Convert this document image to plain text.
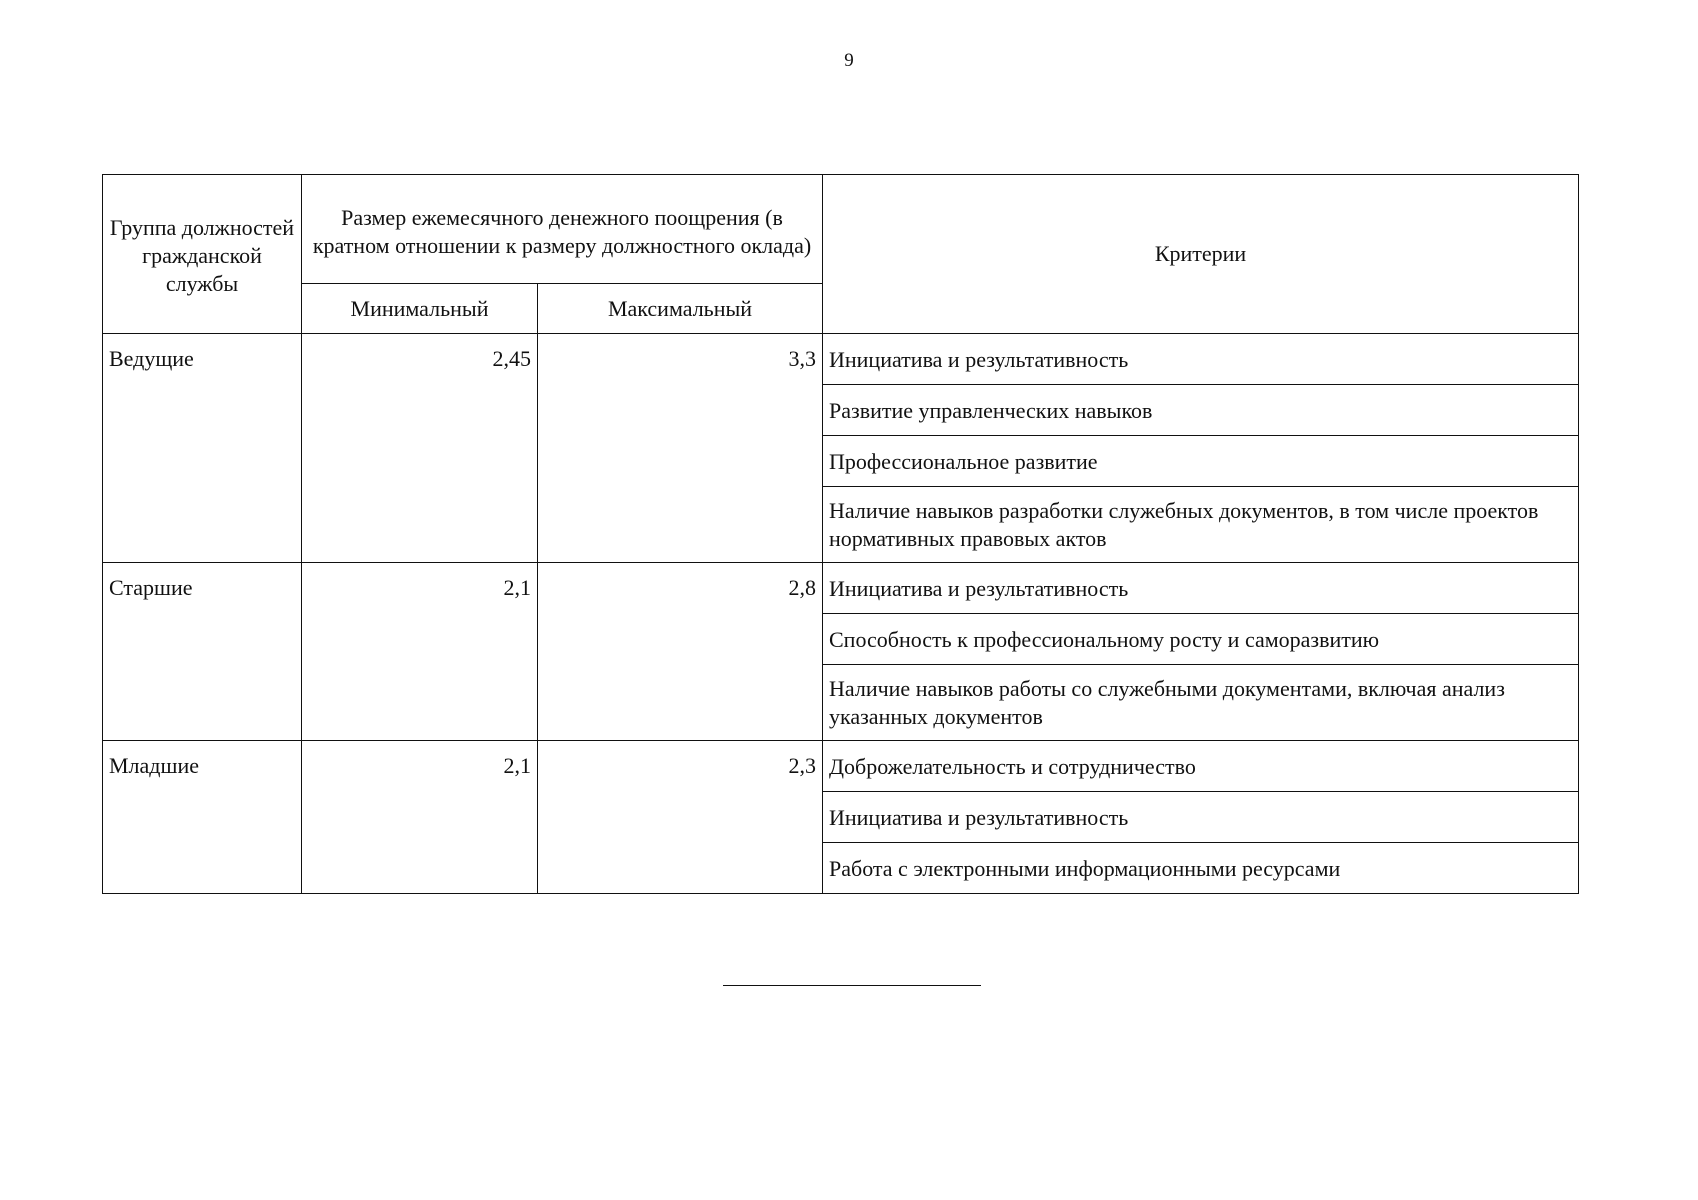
9
Группа должностей гражданской службы	Размер ежемесячного денежного поощрения (в кратном отношении к размеру должностного оклада)		Критерии
	Минимальный	Максимальный	
Ведущие	2,45	3,3	Инициатива и результативность
			Развитие управленческих навыков
			Профессиональное развитие
			Наличие навыков разработки служебных документов, в том числе проектов нормативных правовых актов
Старшие	2,1	2,8	Инициатива и результативность
			Способность к профессиональному росту и саморазвитию
			Наличие навыков работы со служебными документами, включая анализ указанных документов
Младшие	2,1	2,3	Доброжелательность и сотрудничество
			Инициатива и результативность
			Работа с электронными информационными ресурсами
